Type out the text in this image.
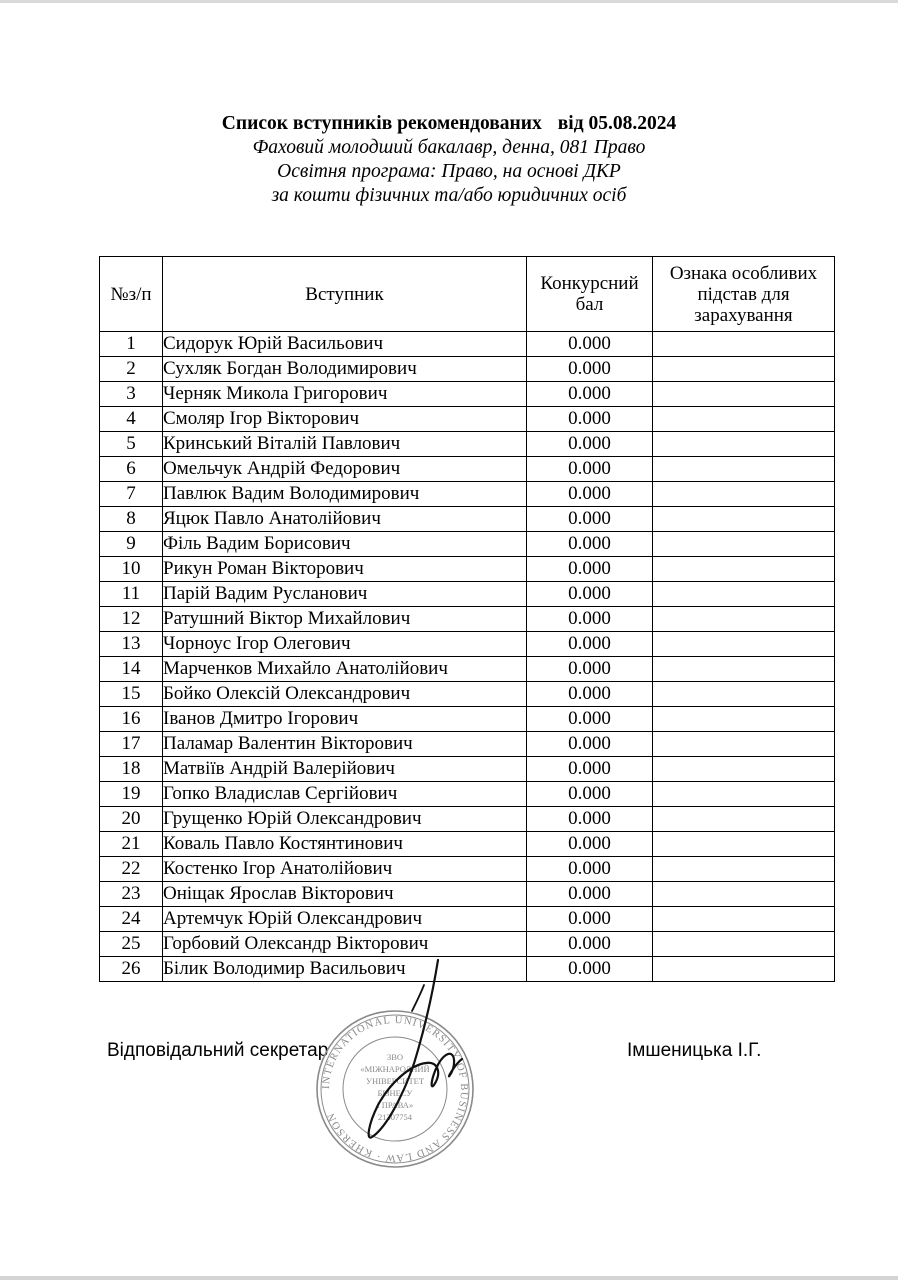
Список вступників рекомендованих від 05.08.2024
Фаховий молодший бакалавр, денна, 081 Право
Освітня програма: Право, на основі ДКР
за кошти фізичних та/або юридичних осіб
№з/п	Вступник	Конкурсний бал	Ознака особливих підстав для зарахування
1	Сидорук Юрій Васильович	0.000	
2	Сухляк Богдан Володимирович	0.000	
3	Черняк Микола Григорович	0.000	
4	Смоляр Ігор Вікторович	0.000	
5	Кринський Віталій Павлович	0.000	
6	Омельчук Андрій Федорович	0.000	
7	Павлюк Вадим Володимирович	0.000	
8	Яцюк Павло Анатолійович	0.000	
9	Філь Вадим Борисович	0.000	
10	Рикун Роман Вікторович	0.000	
11	Парій Вадим Русланович	0.000	
12	Ратушний Віктор Михайлович	0.000	
13	Чорноус Ігор Олегович	0.000	
14	Марченков Михайло Анатолійович	0.000	
15	Бойко Олексій Олександрович	0.000	
16	Іванов Дмитро Ігорович	0.000	
17	Паламар Валентин Вікторович	0.000	
18	Матвіїв Андрій Валерійович	0.000	
19	Гопко Владислав Сергійович	0.000	
20	Грущенко Юрій Олександрович	0.000	
21	Коваль Павло Костянтинович	0.000	
22	Костенко Ігор Анатолійович	0.000	
23	Оніщак Ярослав Вікторович	0.000	
24	Артемчук Юрій Олександрович	0.000	
25	Горбовий Олександр Вікторович	0.000	
26	Білик Володимир Васильович	0.000	
Відповідальний секретар	Імшеницька І.Г.
INTERNATIONAL UNIVERSITY OF BUSINESS AND LAW · KHERSON
ЗВО
«МІЖНАРОДНИЙ
УНІВЕРСИТЕТ
БІЗНЕСУ
І ПРАВА»
21307754
